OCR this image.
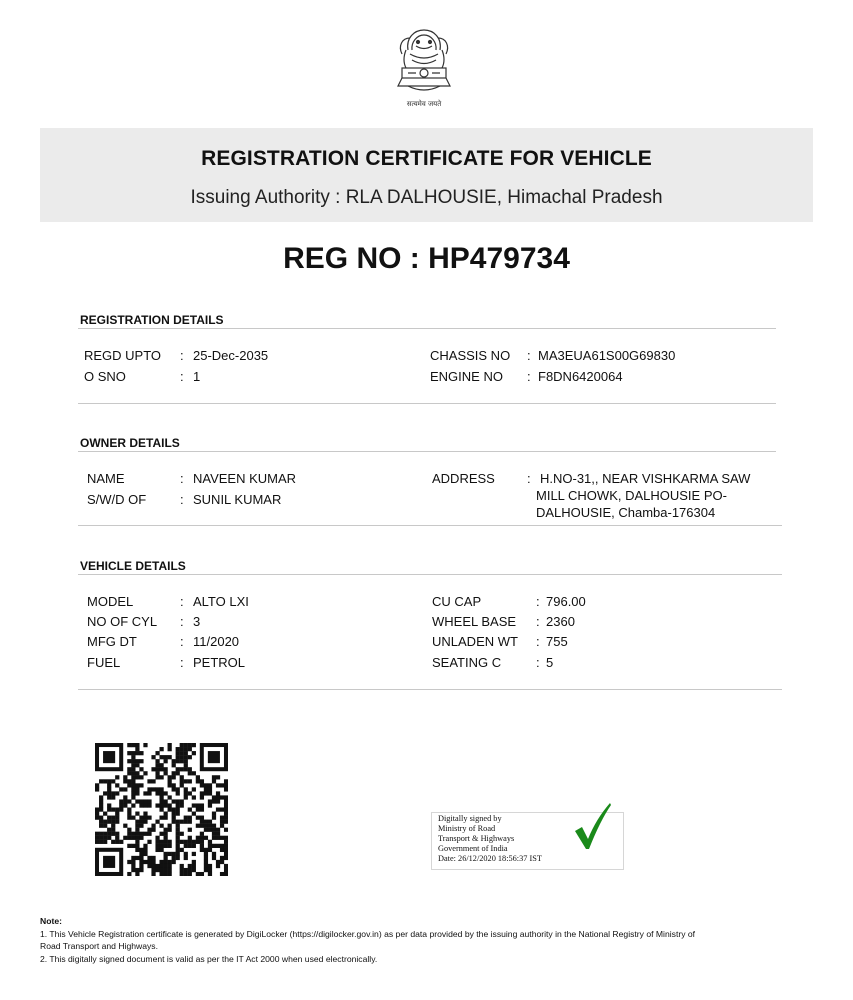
सत्यमेव जयते
REGISTRATION CERTIFICATE FOR VEHICLE
Issuing Authority : RLA DALHOUSIE, Himachal Pradesh
REG NO : HP479734
REGISTRATION DETAILS
REGD UPTO : 25-Dec-2035
O SNO	: 1
CHASSIS NO : MA3EUA61S00G69830
ENGINE NO : F8DN6420064
OWNER DETAILS
NAME	: NAVEEN KUMAR
S/W/D OF	: SUNIL KUMAR
ADDRESS : H.NO-31,, NEAR VISHKARMA SAW
MILL CHOWK, DALHOUSIE PO-
DALHOUSIE, Chamba-176304
VEHICLE DETAILS
MODEL	: ALTO LXI
NO OF CYL : 3
MFG DT	: 11/2020
FUEL	: PETROL
CU CAP	: 796.00
WHEEL BASE : 2360
UNLADEN WT : 755
SEATING C	: 5
Digitally signed by
Ministry of Road
Transport & Highways
Government of India
Date: 26/12/2020 18:56:37 IST
Note:
1. This Vehicle Registration certificate is generated by DigiLocker (https://digilocker.gov.in) as per data provided by the issuing authority in the National Registry of Ministry of
Road Transport and Highways.
2. This digitally signed document is valid as per the IT Act 2000 when used electronically.
